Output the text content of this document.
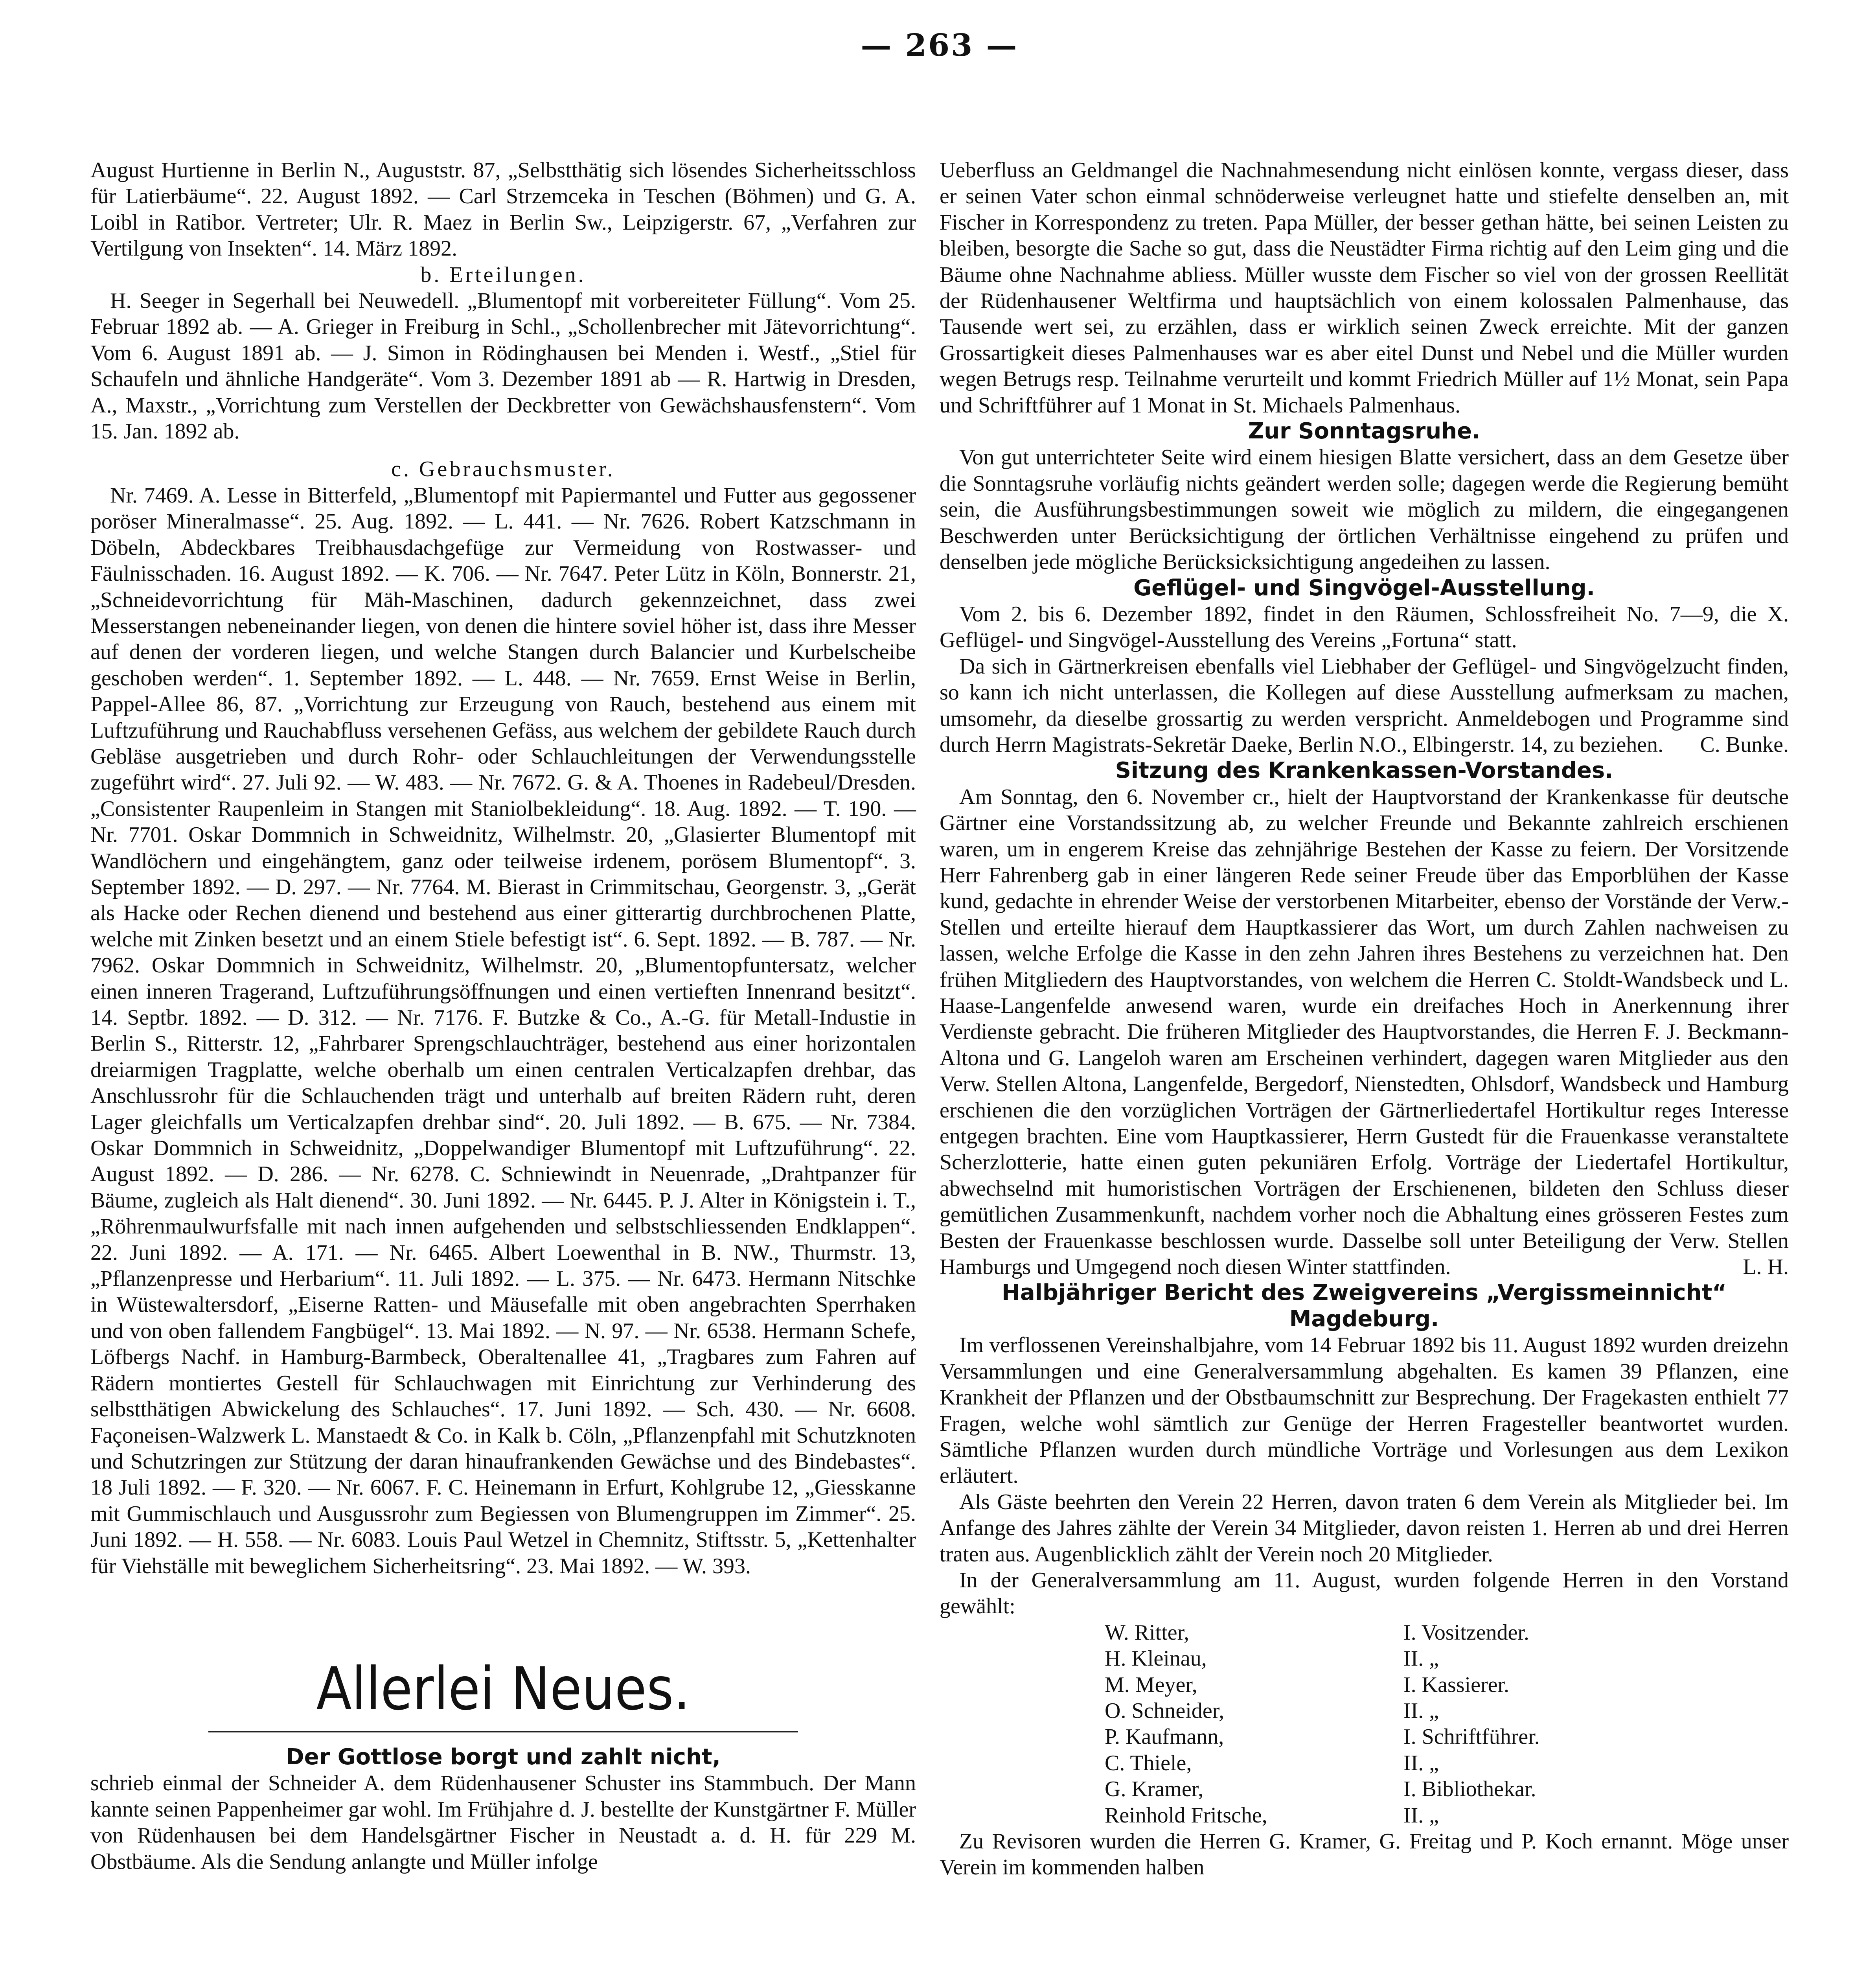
— 263 —

August Hurtienne in Berlin N., Auguststr. 87, „Selbstthätig sich lösendes Sicherheitsschloss für Latierbäume“. 22. August 1892. — Carl Strzemceka in Teschen (Böhmen) und G. A. Loibl in Ratibor. Vertreter; Ulr. R. Maez in Berlin Sw., Leipzigerstr. 67, „Verfahren zur Vertilgung von Insekten“. 14. März 1892.

b. Erteilungen.

H. Seeger in Segerhall bei Neuwedell. „Blumentopf mit vorbereiteter Füllung“. Vom 25. Februar 1892 ab. — A. Grieger in Freiburg in Schl., „Schollenbrecher mit Jätevorrichtung“. Vom 6. August 1891 ab. — J. Simon in Rödinghausen bei Menden i. Westf., „Stiel für Schaufeln und ähnliche Handgeräte“. Vom 3. Dezember 1891 ab — R. Hartwig in Dresden, A., Maxstr., „Vorrichtung zum Verstellen der Deckbretter von Gewächshausfenstern“. Vom 15. Jan. 1892 ab.

c. Gebrauchsmuster.

Nr. 7469. A. Lesse in Bitterfeld, „Blumentopf mit Papiermantel und Futter aus gegossener poröser Mineralmasse“. 25. Aug. 1892. — L. 441. — Nr. 7626. Robert Katzschmann in Döbeln, Abdeckbares Treibhausdachgefüge zur Vermeidung von Rostwasser- und Fäulnisschaden. 16. August 1892. — K. 706. — Nr. 7647. Peter Lütz in Köln, Bonnerstr. 21, „Schneidevorrichtung für Mäh-Maschinen, dadurch gekennzeichnet, dass zwei Messerstangen nebeneinander liegen, von denen die hintere soviel höher ist, dass ihre Messer auf denen der vorderen liegen, und welche Stangen durch Balancier und Kurbelscheibe geschoben werden“. 1. September 1892. — L. 448. — Nr. 7659. Ernst Weise in Berlin, Pappel-Allee 86, 87. „Vorrichtung zur Erzeugung von Rauch, bestehend aus einem mit Luftzuführung und Rauchabfluss versehenen Gefäss, aus welchem der gebildete Rauch durch Gebläse ausgetrieben und durch Rohr- oder Schlauchleitungen der Verwendungsstelle zugeführt wird“. 27. Juli 92. — W. 483. — Nr. 7672. G. & A. Thoenes in Radebeul/Dresden. „Consistenter Raupenleim in Stangen mit Staniolbekleidung“. 18. Aug. 1892. — T. 190. — Nr. 7701. Oskar Dommnich in Schweidnitz, Wilhelmstr. 20, „Glasierter Blumentopf mit Wandlöchern und eingehängtem, ganz oder teilweise irdenem, porösem Blumentopf“. 3. September 1892. — D. 297. — Nr. 7764. M. Bierast in Crimmitschau, Georgenstr. 3, „Gerät als Hacke oder Rechen dienend und bestehend aus einer gitterartig durchbrochenen Platte, welche mit Zinken besetzt und an einem Stiele befestigt ist“. 6. Sept. 1892. — B. 787. — Nr. 7962. Oskar Dommnich in Schweidnitz, Wilhelmstr. 20, „Blumentopfuntersatz, welcher einen inneren Tragerand, Luftzuführungsöffnungen und einen vertieften Innenrand besitzt“. 14. Septbr. 1892. — D. 312. — Nr. 7176. F. Butzke & Co., A.-G. für Metall-Industie in Berlin S., Ritterstr. 12, „Fahrbarer Sprengschlauchträger, bestehend aus einer horizontalen dreiarmigen Tragplatte, welche oberhalb um einen centralen Verticalzapfen drehbar, das Anschlussrohr für die Schlauchenden trägt und unterhalb auf breiten Rädern ruht, deren Lager gleichfalls um Verticalzapfen drehbar sind“. 20. Juli 1892. — B. 675. — Nr. 7384. Oskar Dommnich in Schweidnitz, „Doppelwandiger Blumentopf mit Luftzuführung“. 22. August 1892. — D. 286. — Nr. 6278. C. Schniewindt in Neuenrade, „Drahtpanzer für Bäume, zugleich als Halt dienend“. 30. Juni 1892. — Nr. 6445. P. J. Alter in Königstein i. T., „Röhrenmaulwurfsfalle mit nach innen aufgehenden und selbstschliessenden Endklappen“. 22. Juni 1892. — A. 171. — Nr. 6465. Albert Loewenthal in B. NW., Thurmstr. 13, „Pflanzenpresse und Herbarium“. 11. Juli 1892. — L. 375. — Nr. 6473. Hermann Nitschke in Wüstewaltersdorf, „Eiserne Ratten- und Mäusefalle mit oben angebrachten Sperrhaken und von oben fallendem Fangbügel“. 13. Mai 1892. — N. 97. — Nr. 6538. Hermann Schefe, Löfbergs Nachf. in Hamburg-Barmbeck, Oberaltenallee 41, „Tragbares zum Fahren auf Rädern montiertes Gestell für Schlauchwagen mit Einrichtung zur Verhinderung des selbstthätigen Abwickelung des Schlauches“. 17. Juni 1892. — Sch. 430. — Nr. 6608. Façoneisen-Walzwerk L. Manstaedt & Co. in Kalk b. Cöln, „Pflanzenpfahl mit Schutzknoten und Schutzringen zur Stützung der daran hinaufrankenden Gewächse und des Bindebastes“. 18 Juli 1892. — F. 320. — Nr. 6067. F. C. Heinemann in Erfurt, Kohlgrube 12, „Giesskanne mit Gummischlauch und Ausgussrohr zum Begiessen von Blumengruppen im Zimmer“. 25. Juni 1892. — H. 558. — Nr. 6083. Louis Paul Wetzel in Chemnitz, Stiftsstr. 5, „Kettenhalter für Viehställe mit beweglichem Sicherheitsring“. 23. Mai 1892. — W. 393.

Allerlei Neues.

Der Gottlose borgt und zahlt nicht,

schrieb einmal der Schneider A. dem Rüdenhausener Schuster ins Stammbuch. Der Mann kannte seinen Pappenheimer gar wohl. Im Frühjahre d. J. bestellte der Kunstgärtner F. Müller von Rüdenhausen bei dem Handelsgärtner Fischer in Neustadt a. d. H. für 229 M. Obstbäume. Als die Sendung anlangte und Müller infolge

Ueberfluss an Geldmangel die Nachnahmesendung nicht einlösen konnte, vergass dieser, dass er seinen Vater schon einmal schnöderweise verleugnet hatte und stiefelte denselben an, mit Fischer in Korrespondenz zu treten. Papa Müller, der besser gethan hätte, bei seinen Leisten zu bleiben, besorgte die Sache so gut, dass die Neustädter Firma richtig auf den Leim ging und die Bäume ohne Nachnahme abliess. Müller wusste dem Fischer so viel von der grossen Reellität der Rüdenhausener Weltfirma und hauptsächlich von einem kolossalen Palmenhause, das Tausende wert sei, zu erzählen, dass er wirklich seinen Zweck erreichte. Mit der ganzen Grossartigkeit dieses Palmenhauses war es aber eitel Dunst und Nebel und die Müller wurden wegen Betrugs resp. Teilnahme verurteilt und kommt Friedrich Müller auf 1½ Monat, sein Papa und Schriftführer auf 1 Monat in St. Michaels Palmenhaus.

Zur Sonntagsruhe.

Von gut unterrichteter Seite wird einem hiesigen Blatte versichert, dass an dem Gesetze über die Sonntagsruhe vorläufig nichts geändert werden solle; dagegen werde die Regierung bemüht sein, die Ausführungsbestimmungen soweit wie möglich zu mildern, die eingegangenen Beschwerden unter Berücksichtigung der örtlichen Verhältnisse eingehend zu prüfen und denselben jede mögliche Berücksicksichtigung angedeihen zu lassen.

Geflügel- und Singvögel-Ausstellung.

Vom 2. bis 6. Dezember 1892, findet in den Räumen, Schlossfreiheit No. 7—9, die X. Geflügel- und Singvögel-Ausstellung des Vereins „Fortuna“ statt.

Da sich in Gärtnerkreisen ebenfalls viel Liebhaber der Geflügel- und Singvögelzucht finden, so kann ich nicht unterlassen, die Kollegen auf diese Ausstellung aufmerksam zu machen, umsomehr, da dieselbe grossartig zu werden verspricht. Anmeldebogen und Programme sind durch Herrn Magistrats-Sekretär Daeke, Berlin N.O., Elbingerstr. 14, zu beziehen.	C. Bunke.

Sitzung des Krankenkassen-Vorstandes.

Am Sonntag, den 6. November cr., hielt der Hauptvorstand der Krankenkasse für deutsche Gärtner eine Vorstandssitzung ab, zu welcher Freunde und Bekannte zahlreich erschienen waren, um in engerem Kreise das zehnjährige Bestehen der Kasse zu feiern. Der Vorsitzende Herr Fahrenberg gab in einer längeren Rede seiner Freude über das Emporblühen der Kasse kund, gedachte in ehrender Weise der verstorbenen Mitarbeiter, ebenso der Vorstände der Verw.-Stellen und erteilte hierauf dem Hauptkassierer das Wort, um durch Zahlen nachweisen zu lassen, welche Erfolge die Kasse in den zehn Jahren ihres Bestehens zu verzeichnen hat. Den frühen Mitgliedern des Hauptvorstandes, von welchem die Herren C. Stoldt-Wandsbeck und L. Haase-Langenfelde anwesend waren, wurde ein dreifaches Hoch in Anerkennung ihrer Verdienste gebracht. Die früheren Mitglieder des Hauptvorstandes, die Herren F. J. Beckmann-Altona und G. Langeloh waren am Erscheinen verhindert, dagegen waren Mitglieder aus den Verw. Stellen Altona, Langenfelde, Bergedorf, Nienstedten, Ohlsdorf, Wandsbeck und Hamburg erschienen die den vorzüglichen Vorträgen der Gärtnerliedertafel Hortikultur reges Interesse entgegen brachten. Eine vom Hauptkassierer, Herrn Gustedt für die Frauenkasse veranstaltete Scherzlotterie, hatte einen guten pekuniären Erfolg. Vorträge der Liedertafel Hortikultur, abwechselnd mit humoristischen Vorträgen der Erschienenen, bildeten den Schluss dieser gemütlichen Zusammenkunft, nachdem vorher noch die Abhaltung eines grösseren Festes zum Besten der Frauenkasse beschlossen wurde. Dasselbe soll unter Beteiligung der Verw. Stellen Hamburgs und Umgegend noch diesen Winter stattfinden.	L. H.

Halbjähriger Bericht des Zweigvereins „Vergissmeinnicht“ Magdeburg.

Im verflossenen Vereinshalbjahre, vom 14 Februar 1892 bis 11. August 1892 wurden dreizehn Versammlungen und eine Generalversammlung abgehalten. Es kamen 39 Pflanzen, eine Krankheit der Pflanzen und der Obstbaumschnitt zur Besprechung. Der Fragekasten enthielt 77 Fragen, welche wohl sämtlich zur Genüge der Herren Fragesteller beantwortet wurden. Sämtliche Pflanzen wurden durch mündliche Vorträge und Vorlesungen aus dem Lexikon erläutert.

Als Gäste beehrten den Verein 22 Herren, davon traten 6 dem Verein als Mitglieder bei. Im Anfange des Jahres zählte der Verein 34 Mitglieder, davon reisten 1. Herren ab und drei Herren traten aus. Augenblicklich zählt der Verein noch 20 Mitglieder.

In der Generalversammlung am 11. August, wurden folgende Herren in den Vorstand gewählt:

W. Ritter,	I. Vositzender.
H. Kleinau,	II. „
M. Meyer,	I. Kassierer.
O. Schneider,	II. „
P. Kaufmann,	I. Schriftführer.
C. Thiele,	II. „
G. Kramer,	I. Bibliothekar.
Reinhold Fritsche,	II. „

Zu Revisoren wurden die Herren G. Kramer, G. Freitag und P. Koch ernannt. Möge unser Verein im kommenden halben
